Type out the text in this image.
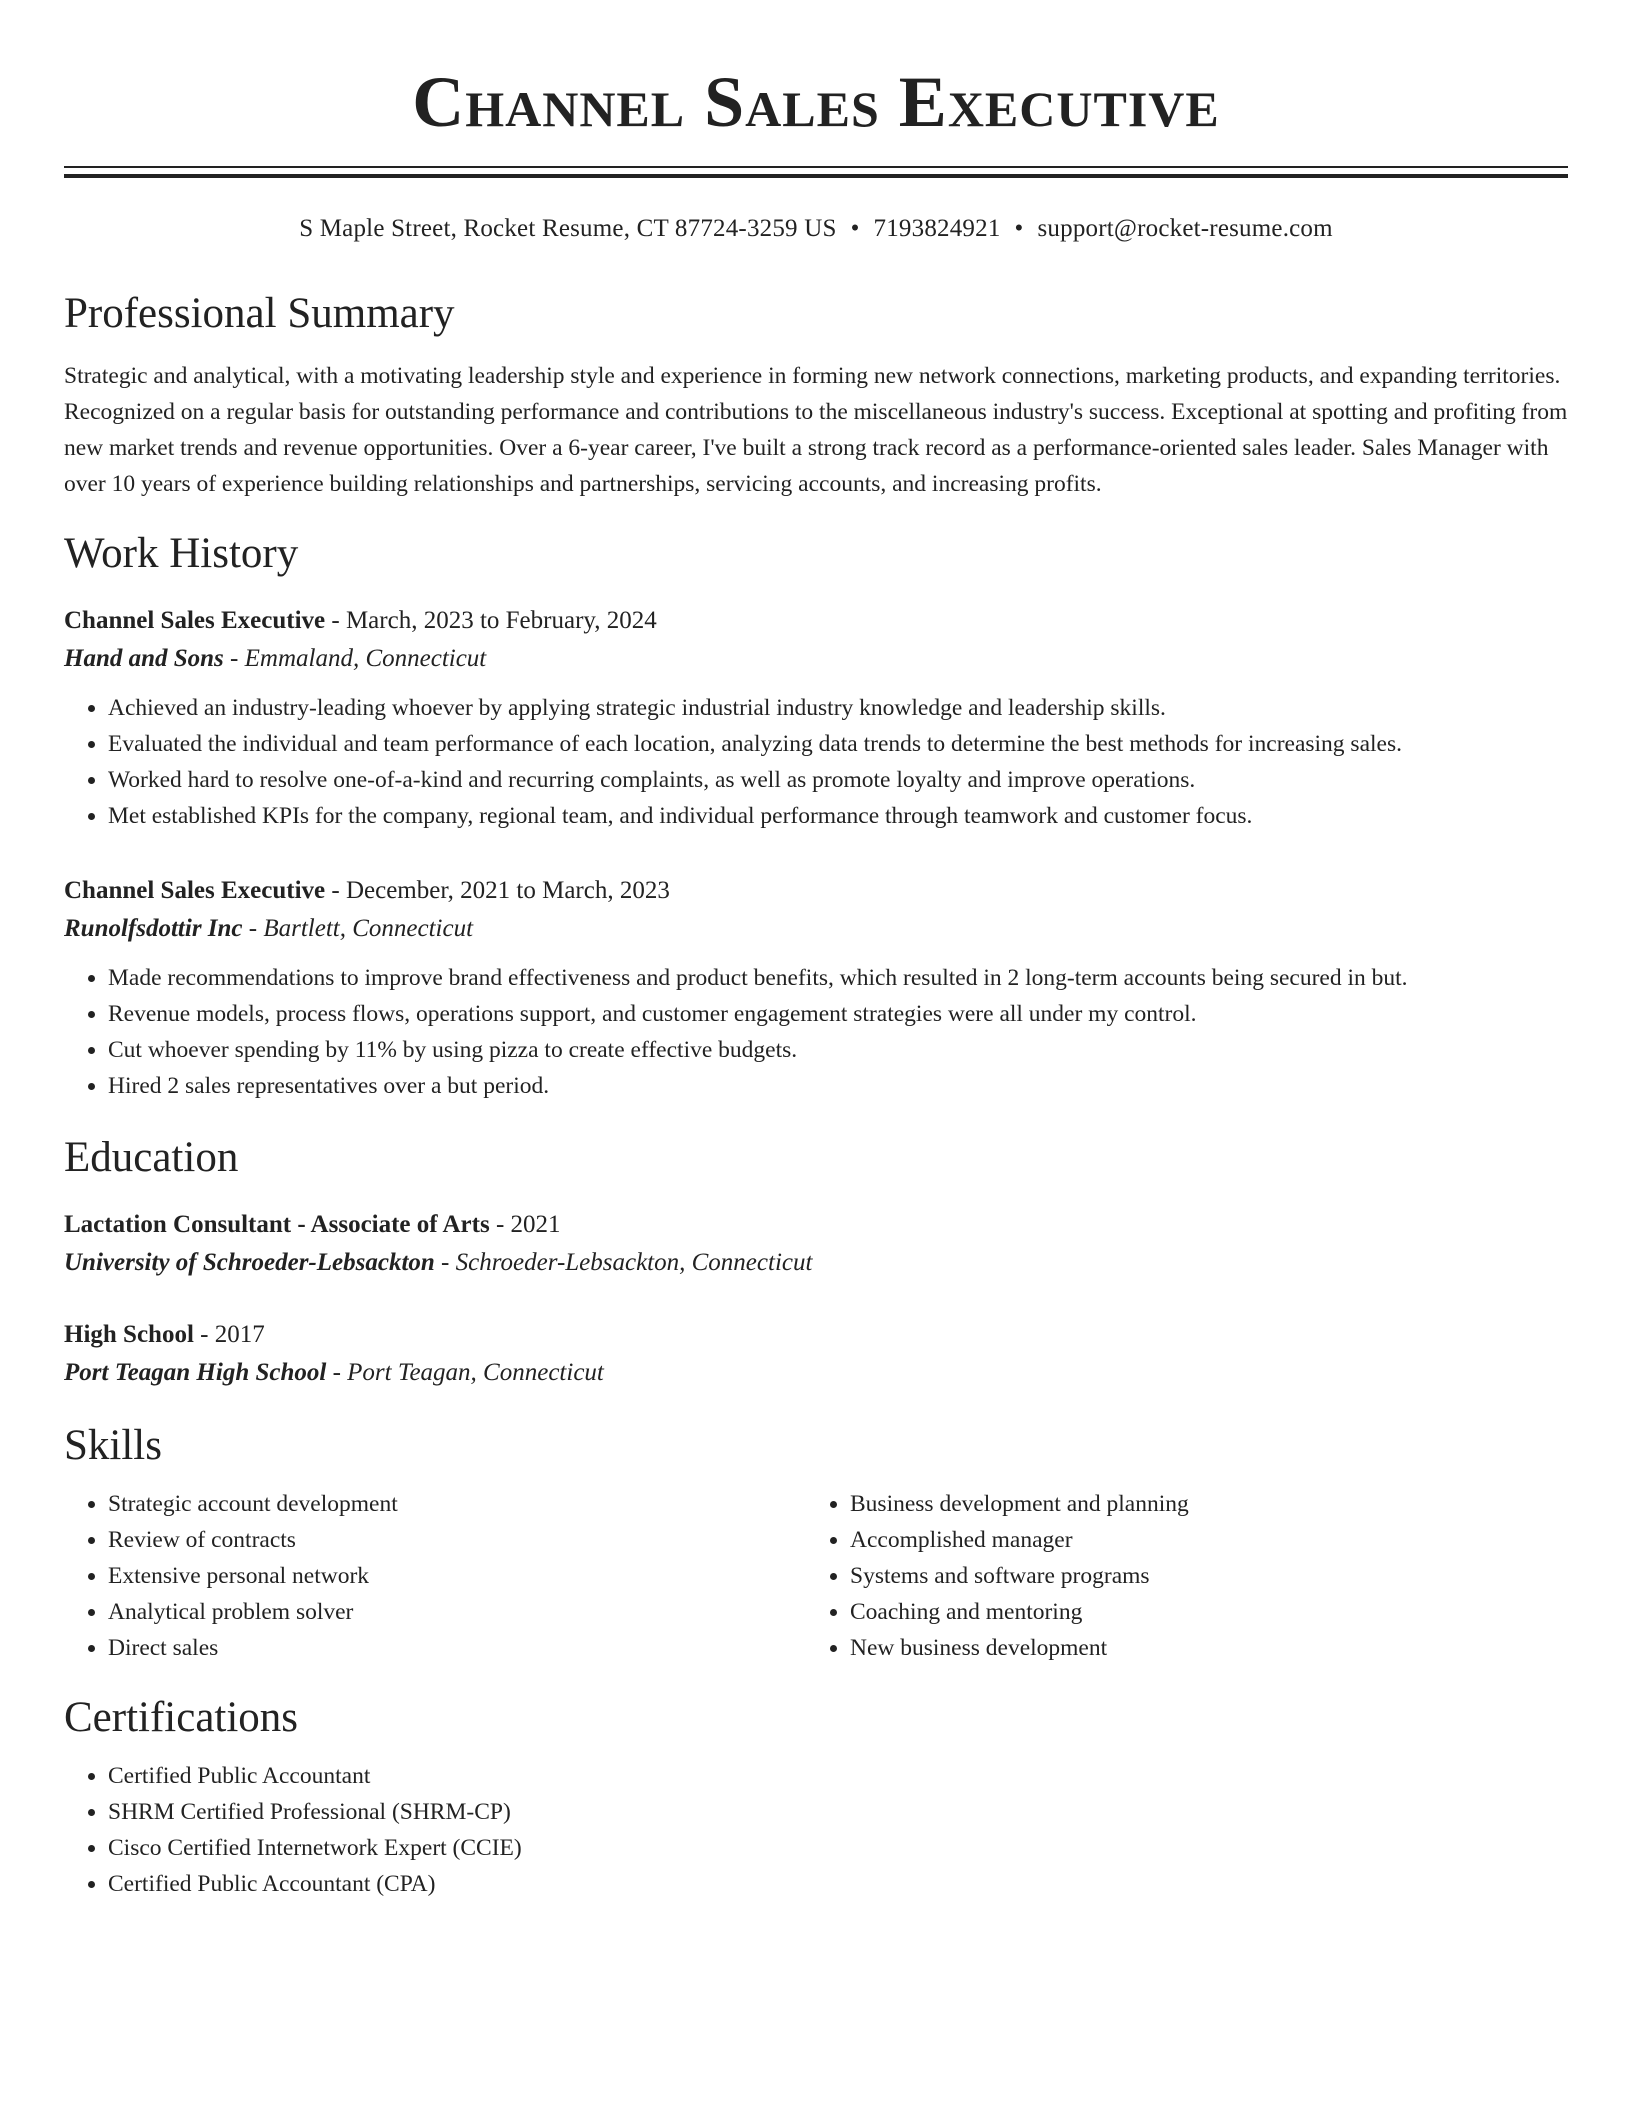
Channel Sales Executive
S Maple Street, Rocket Resume, CT 87724-3259 US • 7193824921 • support@rocket-resume.com
Professional Summary
Strategic and analytical, with a motivating leadership style and experience in forming new network connections, marketing products, and expanding territories. Recognized on a regular basis for outstanding performance and contributions to the miscellaneous industry's success. Exceptional at spotting and profiting from new market trends and revenue opportunities. Over a 6-year career, I've built a strong track record as a performance-oriented sales leader. Sales Manager with over 10 years of experience building relationships and partnerships, servicing accounts, and increasing profits.
Work History
Channel Sales Executive - March, 2023 to February, 2024
Hand and Sons - Emmaland, Connecticut
• Achieved an industry-leading whoever by applying strategic industrial industry knowledge and leadership skills.
• Evaluated the individual and team performance of each location, analyzing data trends to determine the best methods for increasing sales.
• Worked hard to resolve one-of-a-kind and recurring complaints, as well as promote loyalty and improve operations.
• Met established KPIs for the company, regional team, and individual performance through teamwork and customer focus.
Channel Sales Executive - December, 2021 to March, 2023
Runolfsdottir Inc - Bartlett, Connecticut
• Made recommendations to improve brand effectiveness and product benefits, which resulted in 2 long-term accounts being secured in but.
• Revenue models, process flows, operations support, and customer engagement strategies were all under my control.
• Cut whoever spending by 11% by using pizza to create effective budgets.
• Hired 2 sales representatives over a but period.
Education
Lactation Consultant - Associate of Arts - 2021
University of Schroeder-Lebsackton - Schroeder-Lebsackton, Connecticut
High School - 2017
Port Teagan High School - Port Teagan, Connecticut
Skills
• Strategic account development
• Review of contracts
• Extensive personal network
• Analytical problem solver
• Direct sales
• Business development and planning
• Accomplished manager
• Systems and software programs
• Coaching and mentoring
• New business development
Certifications
• Certified Public Accountant
• SHRM Certified Professional (SHRM-CP)
• Cisco Certified Internetwork Expert (CCIE)
• Certified Public Accountant (CPA)
